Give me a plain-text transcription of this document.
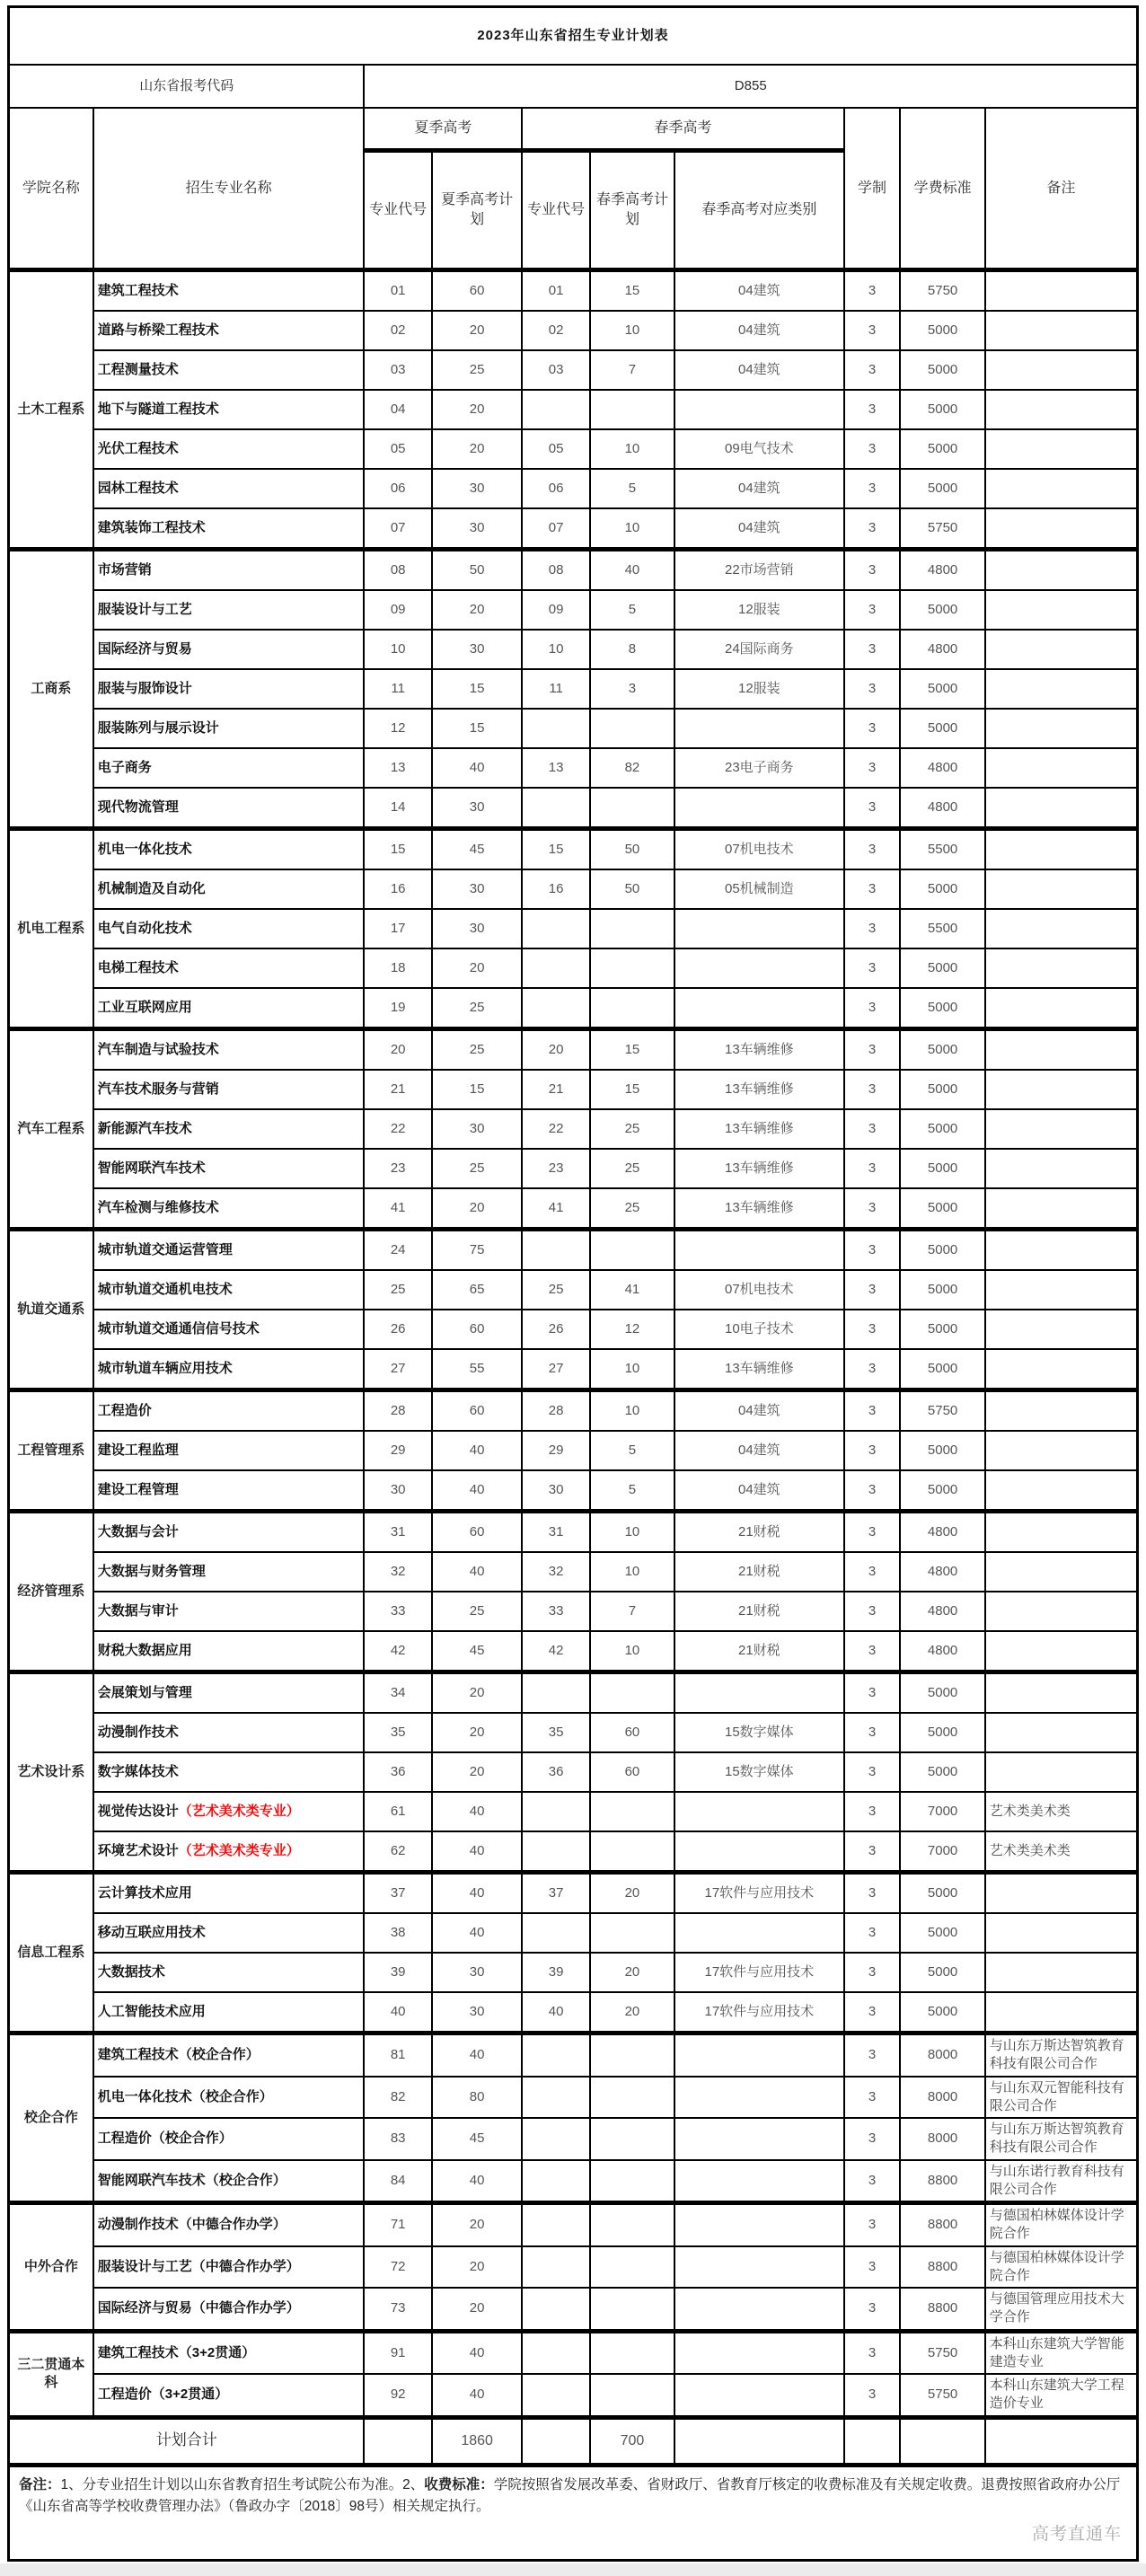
2023年山东省招生专业计划表									
山东省报考代码		D855							
学院名称	招生专业名称	夏季高考		春季高考			学制	学费标准	备注
		专业代号	夏季高考计划	专业代号	春季高考计划	春季高考对应类别			
土木工程系	建筑工程技术	01	60	01	15	04建筑	3	5750	
	道路与桥梁工程技术	02	20	02	10	04建筑	3	5000	
	工程测量技术	03	25	03	7	04建筑	3	5000	
	地下与隧道工程技术	04	20				3	5000	
	光伏工程技术	05	20	05	10	09电气技术	3	5000	
	园林工程技术	06	30	06	5	04建筑	3	5000	
	建筑装饰工程技术	07	30	07	10	04建筑	3	5750	
工商系	市场营销	08	50	08	40	22市场营销	3	4800	
	服装设计与工艺	09	20	09	5	12服装	3	5000	
	国际经济与贸易	10	30	10	8	24国际商务	3	4800	
	服装与服饰设计	11	15	11	3	12服装	3	5000	
	服装陈列与展示设计	12	15				3	5000	
	电子商务	13	40	13	82	23电子商务	3	4800	
	现代物流管理	14	30				3	4800	
机电工程系	机电一体化技术	15	45	15	50	07机电技术	3	5500	
	机械制造及自动化	16	30	16	50	05机械制造	3	5000	
	电气自动化技术	17	30				3	5500	
	电梯工程技术	18	20				3	5000	
	工业互联网应用	19	25				3	5000	
汽车工程系	汽车制造与试验技术	20	25	20	15	13车辆维修	3	5000	
	汽车技术服务与营销	21	15	21	15	13车辆维修	3	5000	
	新能源汽车技术	22	30	22	25	13车辆维修	3	5000	
	智能网联汽车技术	23	25	23	25	13车辆维修	3	5000	
	汽车检测与维修技术	41	20	41	25	13车辆维修	3	5000	
轨道交通系	城市轨道交通运营管理	24	75				3	5000	
	城市轨道交通机电技术	25	65	25	41	07机电技术	3	5000	
	城市轨道交通通信信号技术	26	60	26	12	10电子技术	3	5000	
	城市轨道车辆应用技术	27	55	27	10	13车辆维修	3	5000	
工程管理系	工程造价	28	60	28	10	04建筑	3	5750	
	建设工程监理	29	40	29	5	04建筑	3	5000	
	建设工程管理	30	40	30	5	04建筑	3	5000	
经济管理系	大数据与会计	31	60	31	10	21财税	3	4800	
	大数据与财务管理	32	40	32	10	21财税	3	4800	
	大数据与审计	33	25	33	7	21财税	3	4800	
	财税大数据应用	42	45	42	10	21财税	3	4800	
艺术设计系	会展策划与管理	34	20				3	5000	
	动漫制作技术	35	20	35	60	15数字媒体	3	5000	
	数字媒体技术	36	20	36	60	15数字媒体	3	5000	
	视觉传达设计（艺术美术类专业）	61	40				3	7000	艺术类美术类
	环境艺术设计（艺术美术类专业）	62	40				3	7000	艺术类美术类
信息工程系	云计算技术应用	37	40	37	20	17软件与应用技术	3	5000	
	移动互联应用技术	38	40				3	5000	
	大数据技术	39	30	39	20	17软件与应用技术	3	5000	
	人工智能技术应用	40	30	40	20	17软件与应用技术	3	5000	
校企合作	建筑工程技术（校企合作）	81	40				3	8000	与山东万斯达智筑教育科技有限公司合作
	机电一体化技术（校企合作）	82	80				3	8000	与山东双元智能科技有限公司合作
	工程造价（校企合作）	83	45				3	8000	与山东万斯达智筑教育科技有限公司合作
	智能网联汽车技术（校企合作）	84	40				3	8800	与山东诺行教育科技有限公司合作
中外合作	动漫制作技术（中德合作办学）	71	20				3	8800	与德国柏林媒体设计学院合作
	服装设计与工艺（中德合作办学）	72	20				3	8800	与德国柏林媒体设计学院合作
	国际经济与贸易（中德合作办学）	73	20				3	8800	与德国管理应用技术大学合作
三二贯通本科	建筑工程技术（3+2贯通）	91	40				3	5750	本科山东建筑大学智能建造专业
	工程造价（3+2贯通）	92	40				3	5750	本科山东建筑大学工程造价专业
计划合计			1860		700				

备注：1、分专业招生计划以山东省教育招生考试院公布为准。2、收费标准：学院按照省发展改革委、省财政厅、省教育厅核定的收费标准及有关规定收费。退费按照省政府办公厅《山东省高等学校收费管理办法》（鲁政办字〔2018〕98号）相关规定执行。
高考直通车									
